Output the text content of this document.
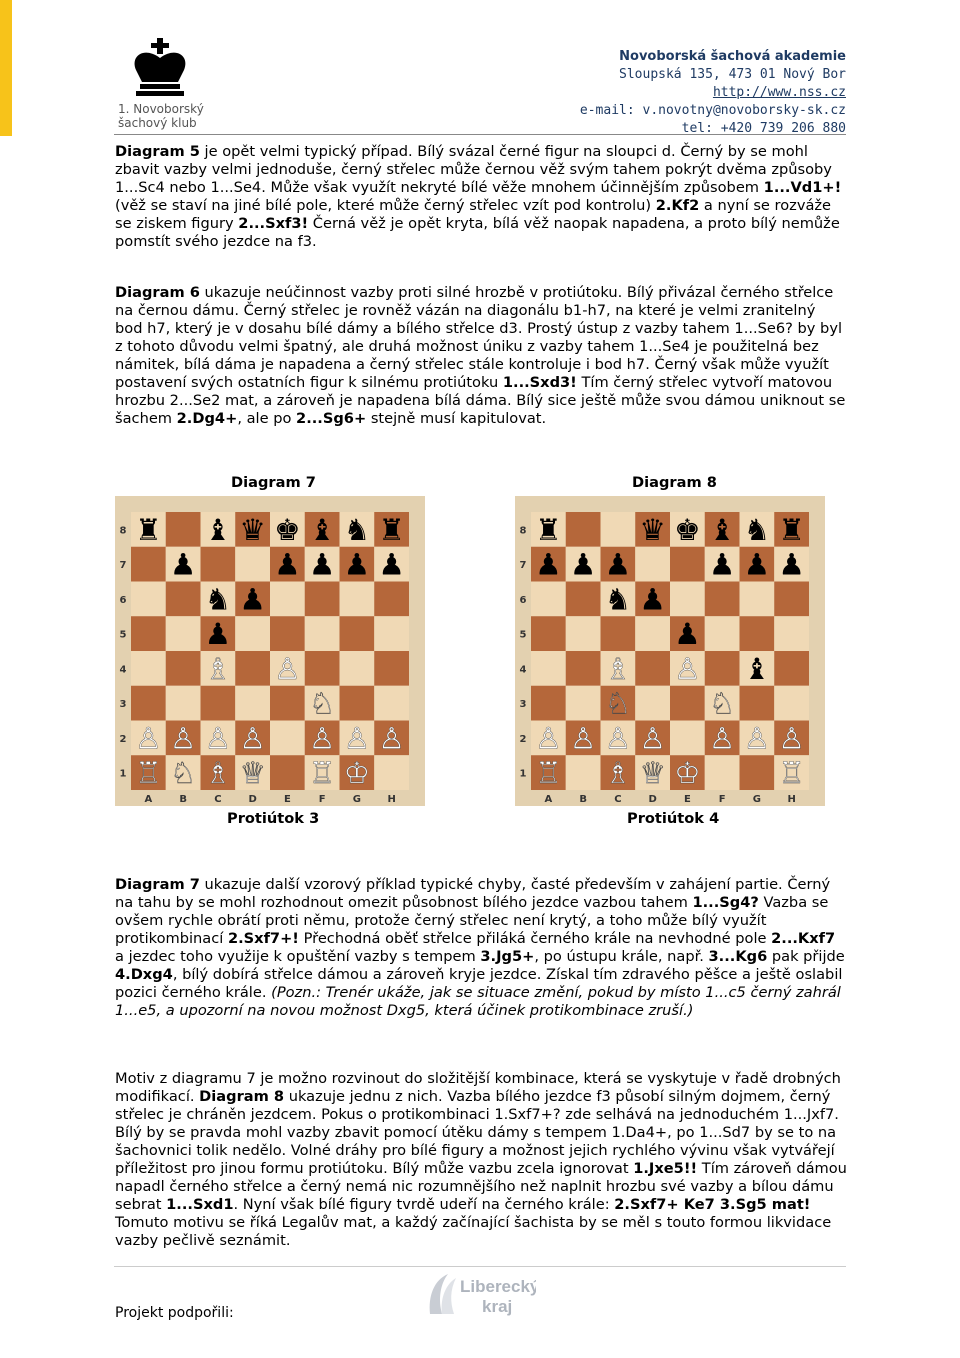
1. Novoborský
šachový klub
Novoborská šachová akademie
Sloupská 135, 473 01 Nový Bor
http://www.nss.cz
e-mail: v.novotny@novoborsky-sk.cz
tel: +420 739 206 880

Diagram 5 je opět velmi typický případ. Bílý svázal černé figur na sloupci d. Černý by se mohl zbavit vazby velmi jednoduše, černý střelec může černou věž svým tahem pokrýt dvěma způsoby 1...Sc4 nebo 1...Se4. Může však využít nekryté bílé věže mnohem účinnějším způsobem 1...Vd1+! (věž se staví na jiné bílé pole, které může černý střelec vzít pod kontrolu) 2.Kf2 a nyní se rozváže se ziskem figury 2...Sxf3! Černá věž je opět kryta, bílá věž naopak napadena, a proto bílý nemůže pomstít svého jezdce na f3.

Diagram 6 ukazuje neúčinnost vazby proti silné hrozbě v protiútoku. Bílý přivázal černého střelce na černou dámu. Černý střelec je rovněž vázán na diagonálu b1-h7, na které je velmi zranitelný bod h7, který je v dosahu bílé dámy a bílého střelce d3. Prostý ústup z vazby tahem 1...Se6? by byl z tohoto důvodu velmi špatný, ale druhá možnost úniku z vazby tahem 1...Se4 je použitelná bez námitek, bílá dáma je napadena a černý střelec stále kontroluje i bod h7. Černý však může využít postavení svých ostatních figur k silnému protiútoku 1...Sxd3! Tím černý střelec vytvoří matovou hrozbu 2...Se2 mat, a zároveň je napadena bílá dáma. Bílý sice ještě může svou dámou uniknout se šachem 2.Dg4+, ale po 2...Sg6+ stejně musí kapitulovat.

Diagram 7	Diagram 8
♜ ♝ ♛ ♚ ♝ ♞ ♜
♟	♟ ♟ ♟ ♟
♞ ♟
♟
♗ ♙
♘
♙ ♙ ♙ ♙ ♙ ♙ ♙
♖ ♘ ♗ ♕ ♖ ♔
8
7
6
5
4
3
2
1
A	B	C	D	E	F	G	H
♜	♛ ♚ ♝ ♞ ♜
♟ ♟ ♟	♟ ♟ ♟
♞ ♟
♟
♗ ♙ ♝
♘	♘
♙ ♙ ♙ ♙ ♙ ♙ ♙
♖ ♗ ♕ ♔	♖
8
7
6
5
4
3
2
1
A	B	C	D	E	F	G	H
Protiútok 3	Protiútok 4

Diagram 7 ukazuje další vzorový příklad typické chyby, časté především v zahájení partie. Černý na tahu by se mohl rozhodnout omezit působnost bílého jezdce vazbou tahem 1...Sg4? Vazba se ovšem rychle obrátí proti němu, protože černý střelec není krytý, a toho může bílý využít protikombinací 2.Sxf7+! Přechodná oběť střelce přiláká černého krále na nevhodné pole 2...Kxf7 a jezdec toho využije k opuštění vazby s tempem 3.Jg5+, po ústupu krále, např. 3...Kg6 pak přijde 4.Dxg4, bílý dobírá střelce dámou a zároveň kryje jezdce. Získal tím zdravého pěšce a ještě oslabil pozici černého krále. (Pozn.: Trenér ukáže, jak se situace změní, pokud by místo 1...c5 černý zahrál 1...e5, a upozorní na novou možnost Dxg5, která účinek protikombinace zruší.)

Motiv z diagramu 7 je možno rozvinout do složitější kombinace, která se vyskytuje v řadě drobných modifikací. Diagram 8 ukazuje jednu z nich. Vazba bílého jezdce f3 působí silným dojmem, černý střelec je chráněn jezdcem. Pokus o protikombinaci 1.Sxf7+? zde selhává na jednoduchém 1...Jxf7. Bílý by se pravda mohl vazby zbavit pomocí útěku dámy s tempem 1.Da4+, po 1...Sd7 by se to na šachovnici tolik nedělo. Volné dráhy pro bílé figury a možnost jejich rychlého vývinu však vytvářejí příležitost pro jinou formu protiútoku. Bílý může vazbu zcela ignorovat 1.Jxe5!! Tím zároveň dámou napadl černého střelce a černý nemá nic rozumnějšího než naplnit hrozbu své vazby a bílou dámu sebrat 1...Sxd1. Nyní však bílé figury tvrdě udeří na černého krále: 2.Sxf7+ Ke7 3.Sg5 mat! Tomuto motivu se říká Legalův mat, a každý začínající šachista by se měl s touto formou likvidace vazby pečlivě seznámit.

Liberecký
kraj
Projekt podpořili:
